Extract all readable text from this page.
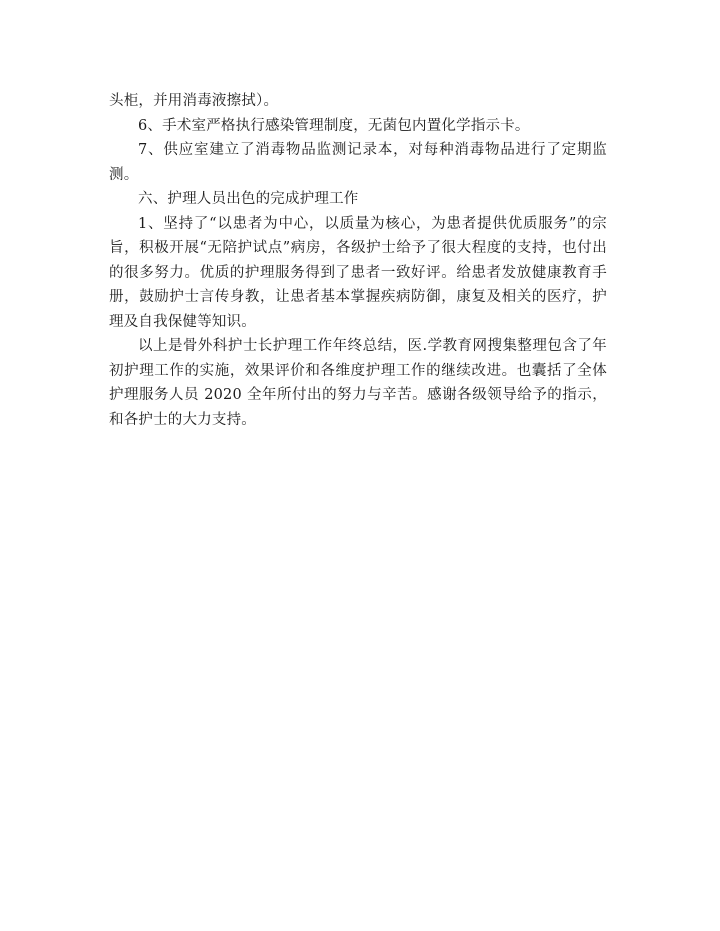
头柜，并用消毒液擦拭）。

6、手术室严格执行感染管理制度，无菌包内置化学指示卡。

7、供应室建立了消毒物品监测记录本，对每种消毒物品进行了定期监测。

六、护理人员出色的完成护理工作

1、坚持了“以患者为中心，以质量为核心，为患者提供优质服务”的宗旨，积极开展“无陪护试点”病房，各级护士给予了很大程度的支持，也付出的很多努力。优质的护理服务得到了患者一致好评。给患者发放健康教育手册，鼓励护士言传身教，让患者基本掌握疾病防御，康复及相关的医疗，护理及自我保健等知识。

以上是骨外科护士长护理工作年终总结，医.学教育网搜集整理包含了年初护理工作的实施，效果评价和各维度护理工作的继续改进。也囊括了全体护理服务人员 2020 全年所付出的努力与辛苦。感谢各级领导给予的指示，和各护士的大力支持。
